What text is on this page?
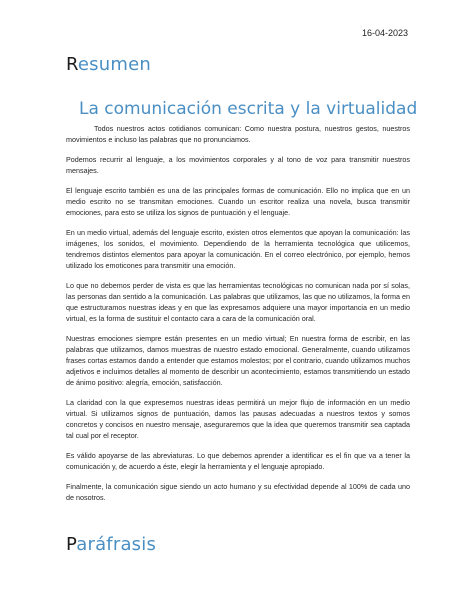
16-04-2023
Resumen
La comunicación escrita y la virtualidad

Todos nuestros actos cotidianos comunican: Como nuestra postura, nuestros gestos, nuestros movimientos e incluso las palabras que no pronunciamos.

Podemos recurrir al lenguaje, a los movimientos corporales y al tono de voz para transmitir nuestros mensajes.

El lenguaje escrito también es una de las principales formas de comunicación. Ello no implica que en un medio escrito no se transmitan emociones. Cuando un escritor realiza una novela, busca transmitir emociones, para esto se utiliza los signos de puntuación y el lenguaje.

En un medio virtual, además del lenguaje escrito, existen otros elementos que apoyan la comunicación: las imágenes, los sonidos, el movimiento. Dependiendo de la herramienta tecnológica que utilicemos, tendremos distintos elementos para apoyar la comunicación. En el correo electrónico, por ejemplo, hemos utilizado los emoticones para transmitir una emoción.

Lo que no debemos perder de vista es que las herramientas tecnológicas no comunican nada por sí solas, las personas dan sentido a la comunicación. Las palabras que utilizamos, las que no utilizamos, la forma en que estructuramos nuestras ideas y en que las expresamos adquiere una mayor importancia en un medio virtual, es la forma de sustituir el contacto cara a cara de la comunicación oral.

Nuestras emociones siempre están presentes en un medio virtual; En nuestra forma de escribir, en las palabras que utilizamos, damos muestras de nuestro estado emocional. Generalmente, cuando utilizamos frases cortas estamos dando a entender que estamos molestos; por el contrario, cuando utilizamos muchos adjetivos e incluimos detalles al momento de describir un acontecimiento, estamos transmitiendo un estado de ánimo positivo: alegría, emoción, satisfacción.

La claridad con la que expresemos nuestras ideas permitirá un mejor flujo de información en un medio virtual. Si utilizamos signos de puntuación, damos las pausas adecuadas a nuestros textos y somos concretos y concisos en nuestro mensaje, aseguraremos que la idea que queremos transmitir sea captada tal cual por el receptor.

Es válido apoyarse de las abreviaturas. Lo que debemos aprender a identificar es el fin que va a tener la comunicación y, de acuerdo a éste, elegir la herramienta y el lenguaje apropiado.

Finalmente, la comunicación sigue siendo un acto humano y su efectividad depende al 100% de cada uno de nosotros.

Paráfrasis
